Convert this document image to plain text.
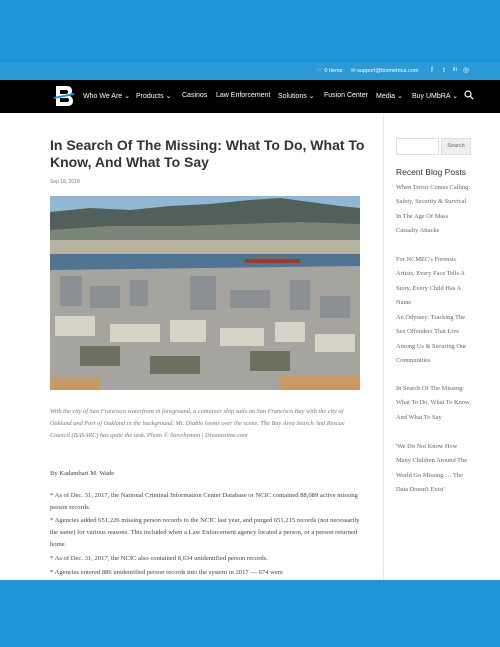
🛒 0 Items ✉ support@biometrica.com	f	t	in ◎
Who We Are ⌄ Products ⌄ Casinos Law Enforcement Solutions ⌄ Fusion Center Media ⌄ Buy UMbRA ⌄
In Search Of The Missing: What To Do, What To Know, And What To Say
Sep 18, 2018

With the city of San Francisco waterfront in foreground, a container ship sails on San Francisco Bay with the city of Oakland and Port of Oakland in the background. Mt. Diablo looms over the scene. The Bay Area Search And Rescue Council (BASARC) has quite the task. Photo © Stevehymon | Dreamstime.com

By Kadambari M. Wade

* As of Dec. 31, 2017, the National Criminal Information Center Database or NCIC contained 88,089 active missing person records.

* Agencies added 651,226 missing person records to the NCIC last year, and purged 651,215 records (not necessarily the same) for various reasons. This included when a Law Enforcement agency located a person, or a person returned home.

* As of Dec. 31, 2017, the NCIC also contained 8,634 unidentified person records.

* Agencies entered 886 unidentified person records into the system in 2017 — 674 were

Search
Recent Blog Posts
When Terror Comes Calling: Safety, Security & Survival In The Age Of Mass Casualty Attacks
For NCMEC's Forensic Artists, Every Face Tells A Story, Every Child Has A Name
An Odyssey: Tracking The Sex Offenders That Live Among Us & Securing Our Communities
In Search Of The Missing: What To Do, What To Know, And What To Say
'We Do Not Know How Many Children Around The World Go Missing … The Data Doesn't Exist'
